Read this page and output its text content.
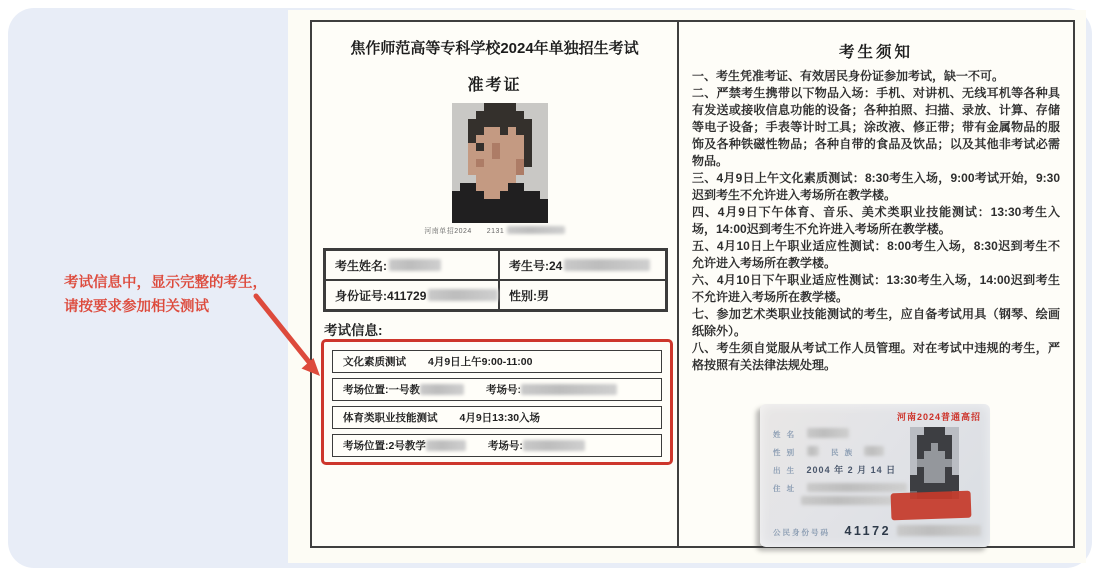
焦作师范高等专科学校2024年单独招生考试
准考证
河南单招2024 2131
考生姓名:	考生号:24
身份证号:411729	性别:男
考试信息:
文化素质测试 4月9日上午9:00-11:00
考场位置:一号教	考场号:
体育类职业技能测试 4月9日13:30入场
考场位置:2号教学	考场号:
考生须知

一、考生凭准考证、有效居民身份证参加考试，缺一不可。

二、严禁考生携带以下物品入场：手机、对讲机、无线耳机等各种具有发送或接收信息功能的设备；各种拍照、扫描、录放、计算、存储等电子设备；手表等计时工具；涂改液、修正带；带有金属物品的服饰及各种铁磁性物品；各种自带的食品及饮品；以及其他非考试必需物品。

三、4月9日上午文化素质测试：8:30考生入场，9:00考试开始，9:30迟到考生不允许进入考场所在教学楼。

四、4月9日下午体育、音乐、美术类职业技能测试：13:30考生入场，14:00迟到考生不允许进入考场所在教学楼。

五、4月10日上午职业适应性测试：8:00考生入场，8:30迟到考生不允许进入考场所在教学楼。

六、4月10日下午职业适应性测试：13:30考生入场，14:00迟到考生不允许进入考场所在教学楼。

七、参加艺术类职业技能测试的考生，应自备考试用具（钢琴、绘画纸除外）。

八、考生须自觉服从考试工作人员管理。对在考试中违规的考生，严格按照有关法律法规处理。

河南2024普通高招
姓 名
性 别	民 族
出 生 2004 年 2 月 14 日
住 址
公民身份号码 41172
考试信息中，显示完整的考生，
请按要求参加相关测试
